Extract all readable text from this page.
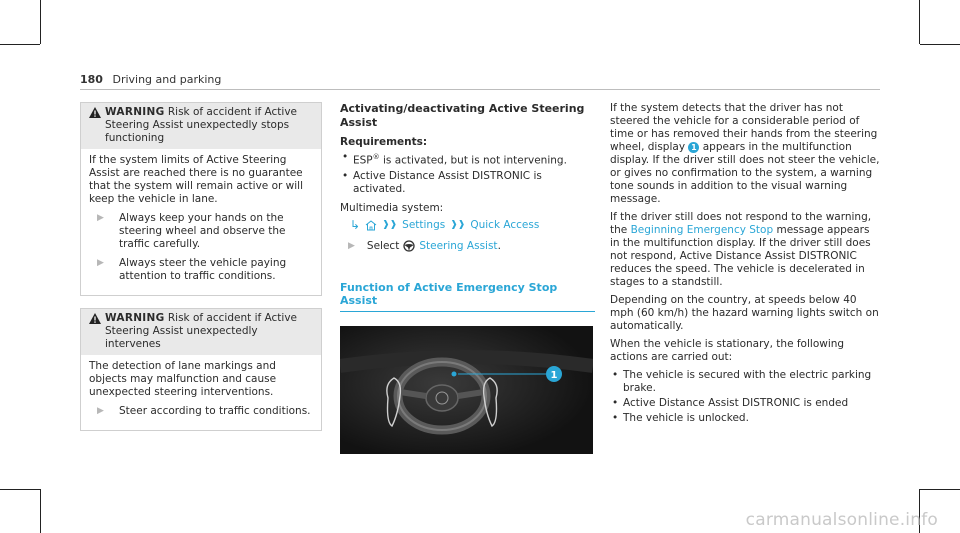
180 Driving and parking
WARNING Risk of accident if Active Steering Assist unexpectedly stops functioning

If the system limits of Active Steering Assist are reached there is no guarantee that the system will remain active or will keep the vehicle in lane.

▶	Always keep your hands on the steering wheel and observe the traffic carefully.
▶	Always steer the vehicle paying attention to traffic conditions.
WARNING Risk of accident if Active Steering Assist unexpectedly intervenes

The detection of lane markings and objects may malfunction and cause unexpected steering interventions.

▶	Steer according to traffic conditions.
Activating/deactivating Active Steering Assist
Requirements:
• ESP® is activated, but is not intervening.
• Active Distance Assist DISTRONIC is activated.

Multimedia system:

↳ ❱❱ Settings ❱❱ Quick Access
▶ Select Steering Assist.
Function of Active Emergency Stop Assist
1

If the system detects that the driver has not steered the vehicle for a considerable period of time or has removed their hands from the steering wheel, display 1 appears in the multifunction display. If the driver still does not steer the vehicle, or gives no confirmation to the system, a warning tone sounds in addition to the visual warning message.

If the driver still does not respond to the warning, the Beginning Emergency Stop message appears in the multifunction display. If the driver still does not respond, Active Distance Assist DISTRONIC reduces the speed. The vehicle is decelerated in stages to a standstill.

Depending on the country, at speeds below 40 mph (60 km/h) the hazard warning lights switch on automatically.

When the vehicle is stationary, the following actions are carried out:

• The vehicle is secured with the electric parking brake.
• Active Distance Assist DISTRONIC is ended
• The vehicle is unlocked.
carmanualsonline.info
